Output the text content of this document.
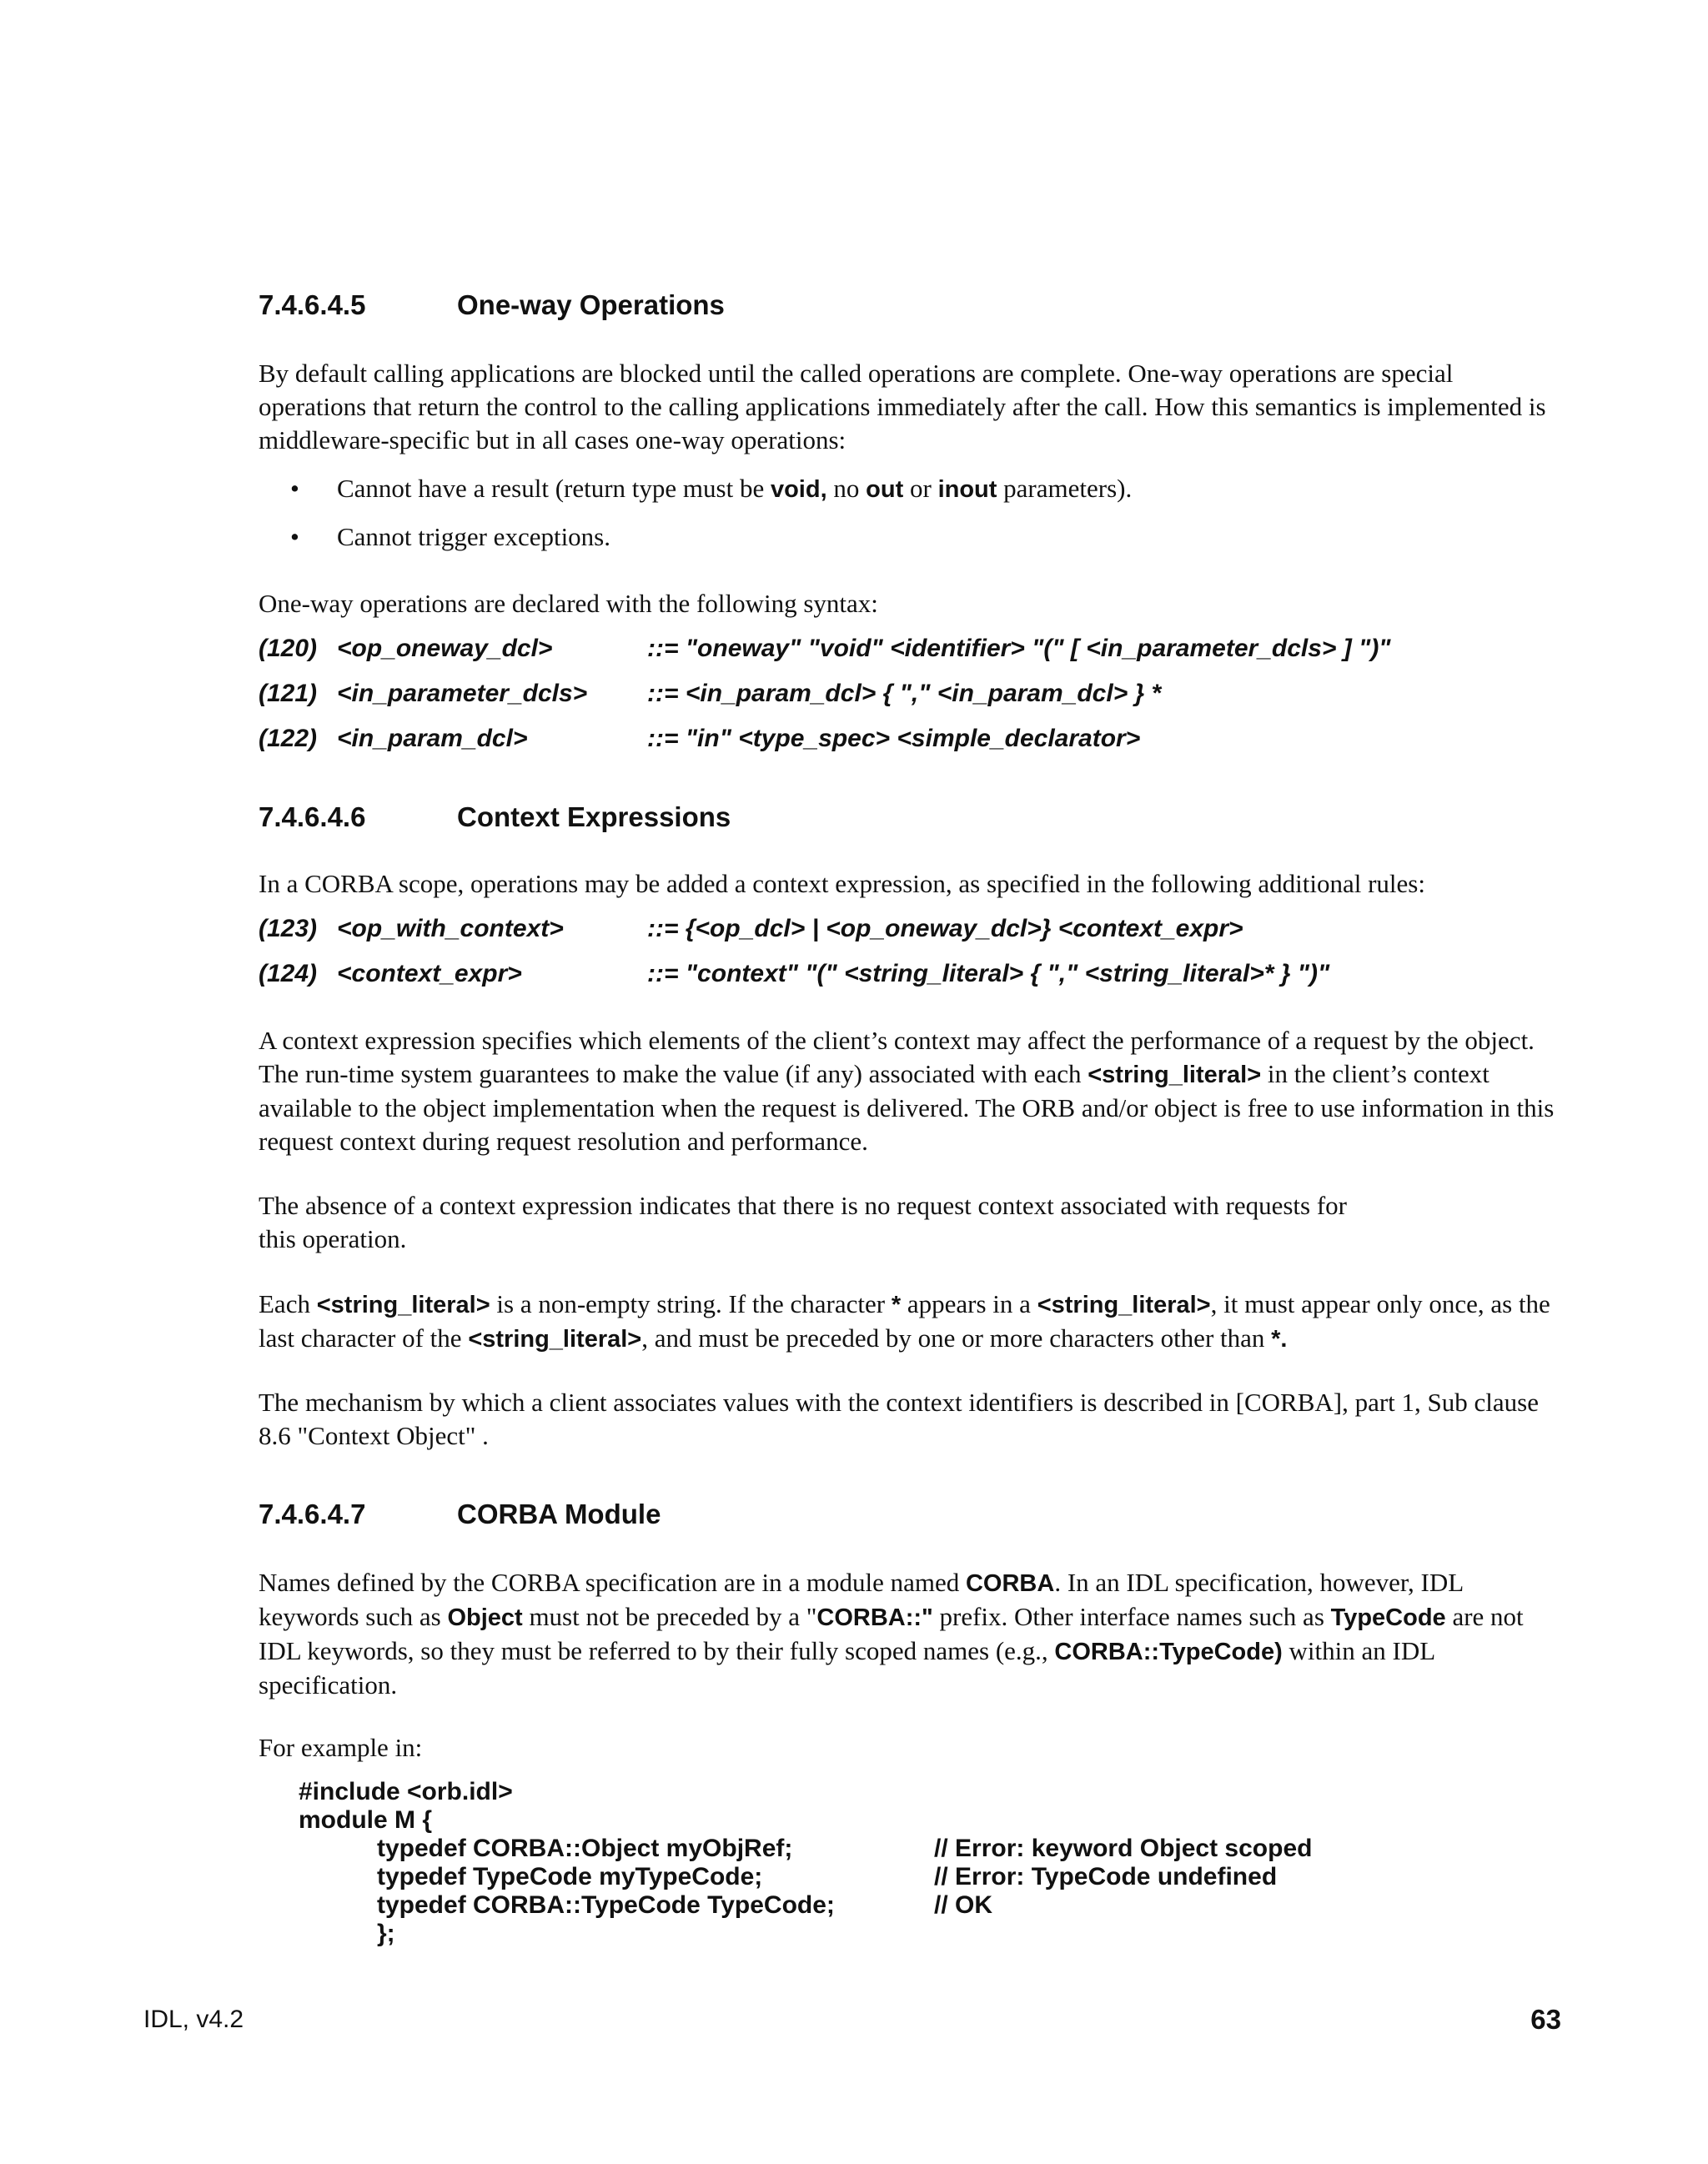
7.4.6.4.5	One-way Operations

By default calling applications are blocked until the called operations are complete. One-way operations are special operations that return the control to the calling applications immediately after the call. How this semantics is implemented is middleware-specific but in all cases one-way operations:

• Cannot have a result (return type must be void, no out or inout parameters).
• Cannot trigger exceptions.

One-way operations are declared with the following syntax:

(120) <op_oneway_dcl>	::= "oneway" "void" <identifier> "(" [ <in_parameter_dcls> ] ")"
(121) <in_parameter_dcls> ::= <in_param_dcl> { "," <in_param_dcl> } *
(122) <in_param_dcl>	::= "in" <type_spec> <simple_declarator>
7.4.6.4.6	Context Expressions

In a CORBA scope, operations may be added a context expression, as specified in the following additional rules:

(123) <op_with_context>	::= {<op_dcl> | <op_oneway_dcl>} <context_expr>
(124) <context_expr>	::= "context" "(" <string_literal> { "," <string_literal>* } ")"

A context expression specifies which elements of the client’s context may affect the performance of a request by the object. The run-time system guarantees to make the value (if any) associated with each <string_literal> in the client’s context available to the object implementation when the request is delivered. The ORB and/or object is free to use information in this request context during request resolution and performance.

The absence of a context expression indicates that there is no request context associated with requests for
this operation.

Each <string_literal> is a non-empty string. If the character * appears in a <string_literal>, it must appear only once, as the last character of the <string_literal>, and must be preceded by one or more characters other than *.

The mechanism by which a client associates values with the context identifiers is described in [CORBA], part 1, Sub clause 8.6 "Context Object" .

7.4.6.4.7	CORBA Module

Names defined by the CORBA specification are in a module named CORBA. In an IDL specification, however, IDL keywords such as Object must not be preceded by a "CORBA::" prefix. Other interface names such as TypeCode are not IDL keywords, so they must be referred to by their fully scoped names (e.g., CORBA::TypeCode) within an IDL specification.

For example in:

#include <orb.idl>
module M {
typedef CORBA::Object myObjRef;	// Error: keyword Object scoped
typedef TypeCode myTypeCode;	// Error: TypeCode undefined
typedef CORBA::TypeCode TypeCode;	// OK
};
IDL, v4.2	63
